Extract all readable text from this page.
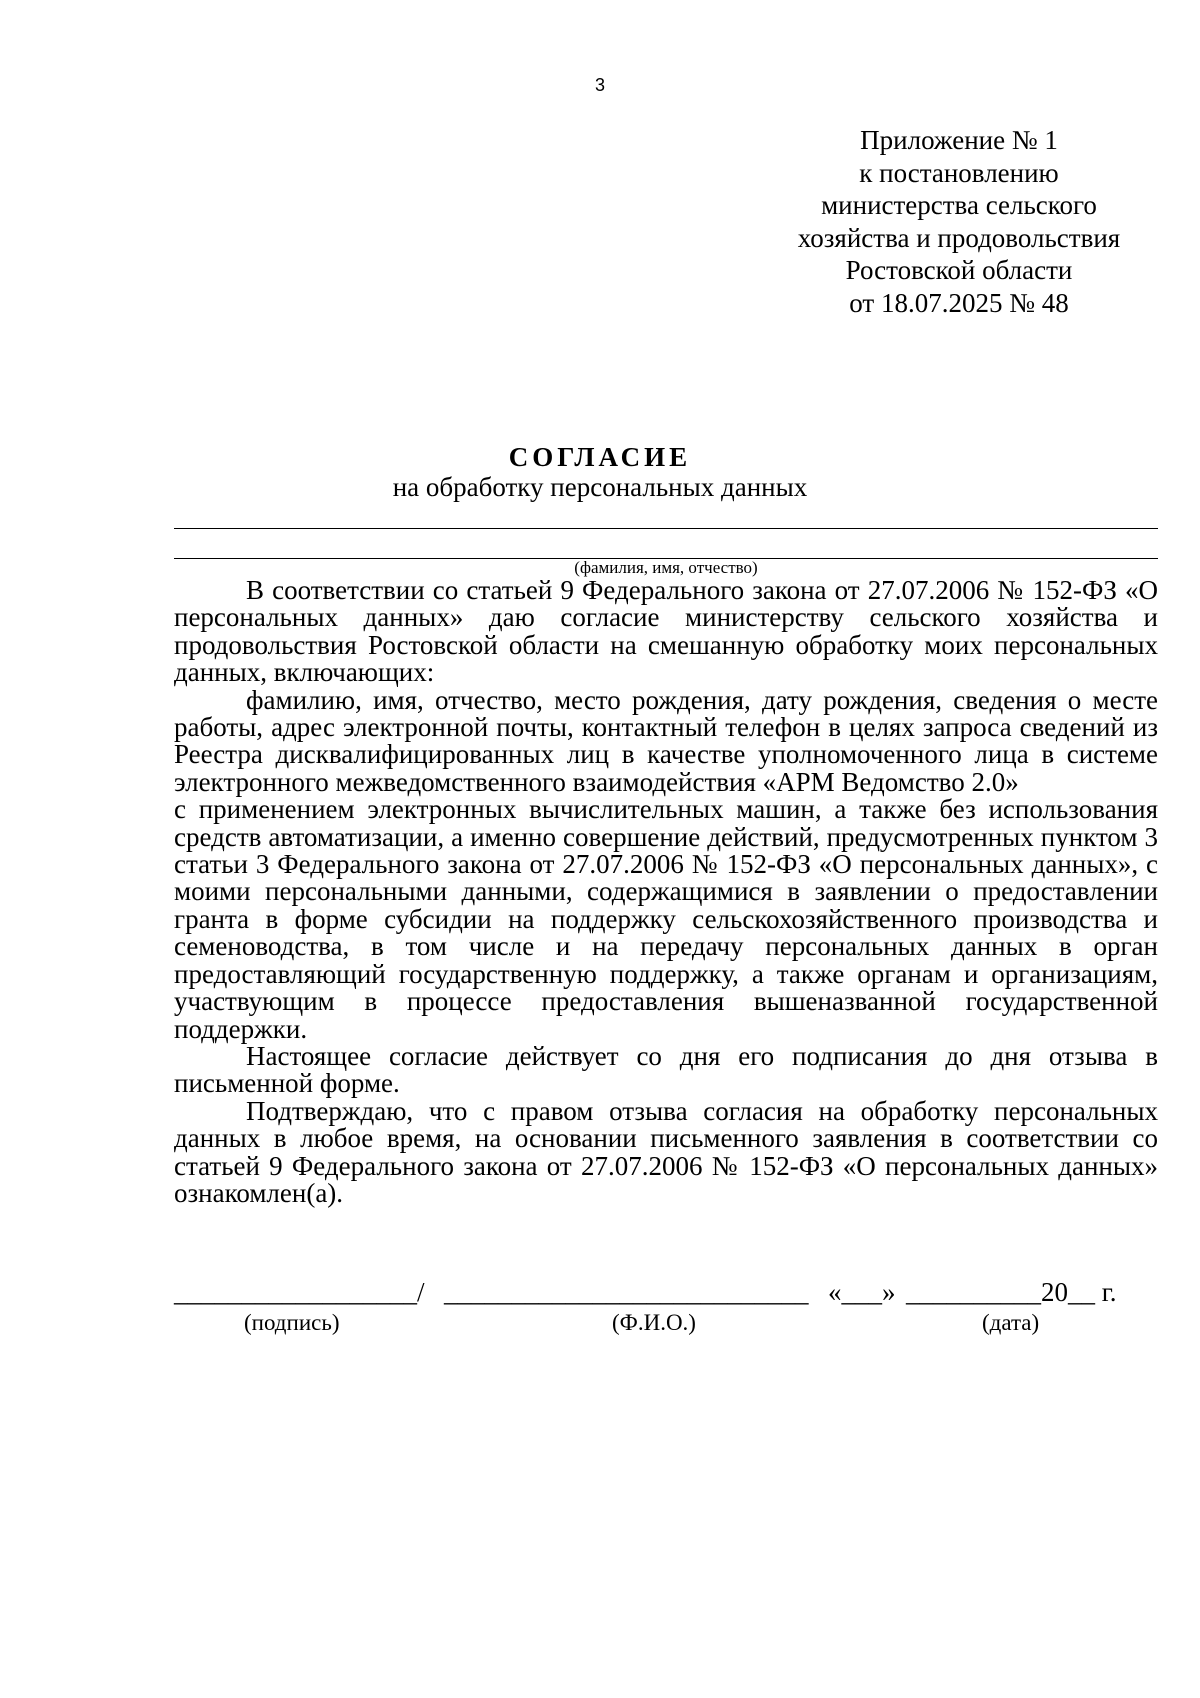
3
Приложение № 1
к постановлению
министерства сельского
хозяйства и продовольствия
Ростовской области
от 18.07.2025 № 48
СОГЛАСИЕ
на обработку персональных данных
(фамилия, имя, отчество)

В соответствии со статьей 9 Федерального закона от 27.07.2006 № 152-ФЗ «О персональных данных» даю согласие министерству сельского хозяйства и продовольствия Ростовской области на смешанную обработку моих персональных данных, включающих:

фамилию, имя, отчество, место рождения, дату рождения, сведения о месте работы, адрес электронной почты, контактный телефон в целях запроса сведений из Реестра дисквалифицированных лиц в качестве уполномоченного лица в системе электронного межведомственного взаимодействия «АРМ Ведомство 2.0»

с применением электронных вычислительных машин, а также без использования средств автоматизации, а именно совершение действий, предусмотренных пунктом 3 статьи 3 Федерального закона от 27.07.2006 № 152-ФЗ «О персональных данных», с моими персональными данными, содержащимися в заявлении о предоставлении гранта в форме субсидии на поддержку сельскохозяйственного производства и семеноводства, в том числе и на передачу персональных данных в орган предоставляющий государственную поддержку, а также органам и организациям, участвующим в процессе предоставления вышеназванной государственной поддержки.

Настоящее согласие действует со дня его подписания до дня отзыва в письменной форме.

Подтверждаю, что с правом отзыва согласия на обработку персональных данных в любое время, на основании письменного заявления в соответствии со статьей 9 Федерального закона от 27.07.2006 № 152-ФЗ «О персональных данных» ознакомлен(а).

__________________/ ___________________________ «___» __________20__ г.
(подпись)	(Ф.И.О.)	(дата)
